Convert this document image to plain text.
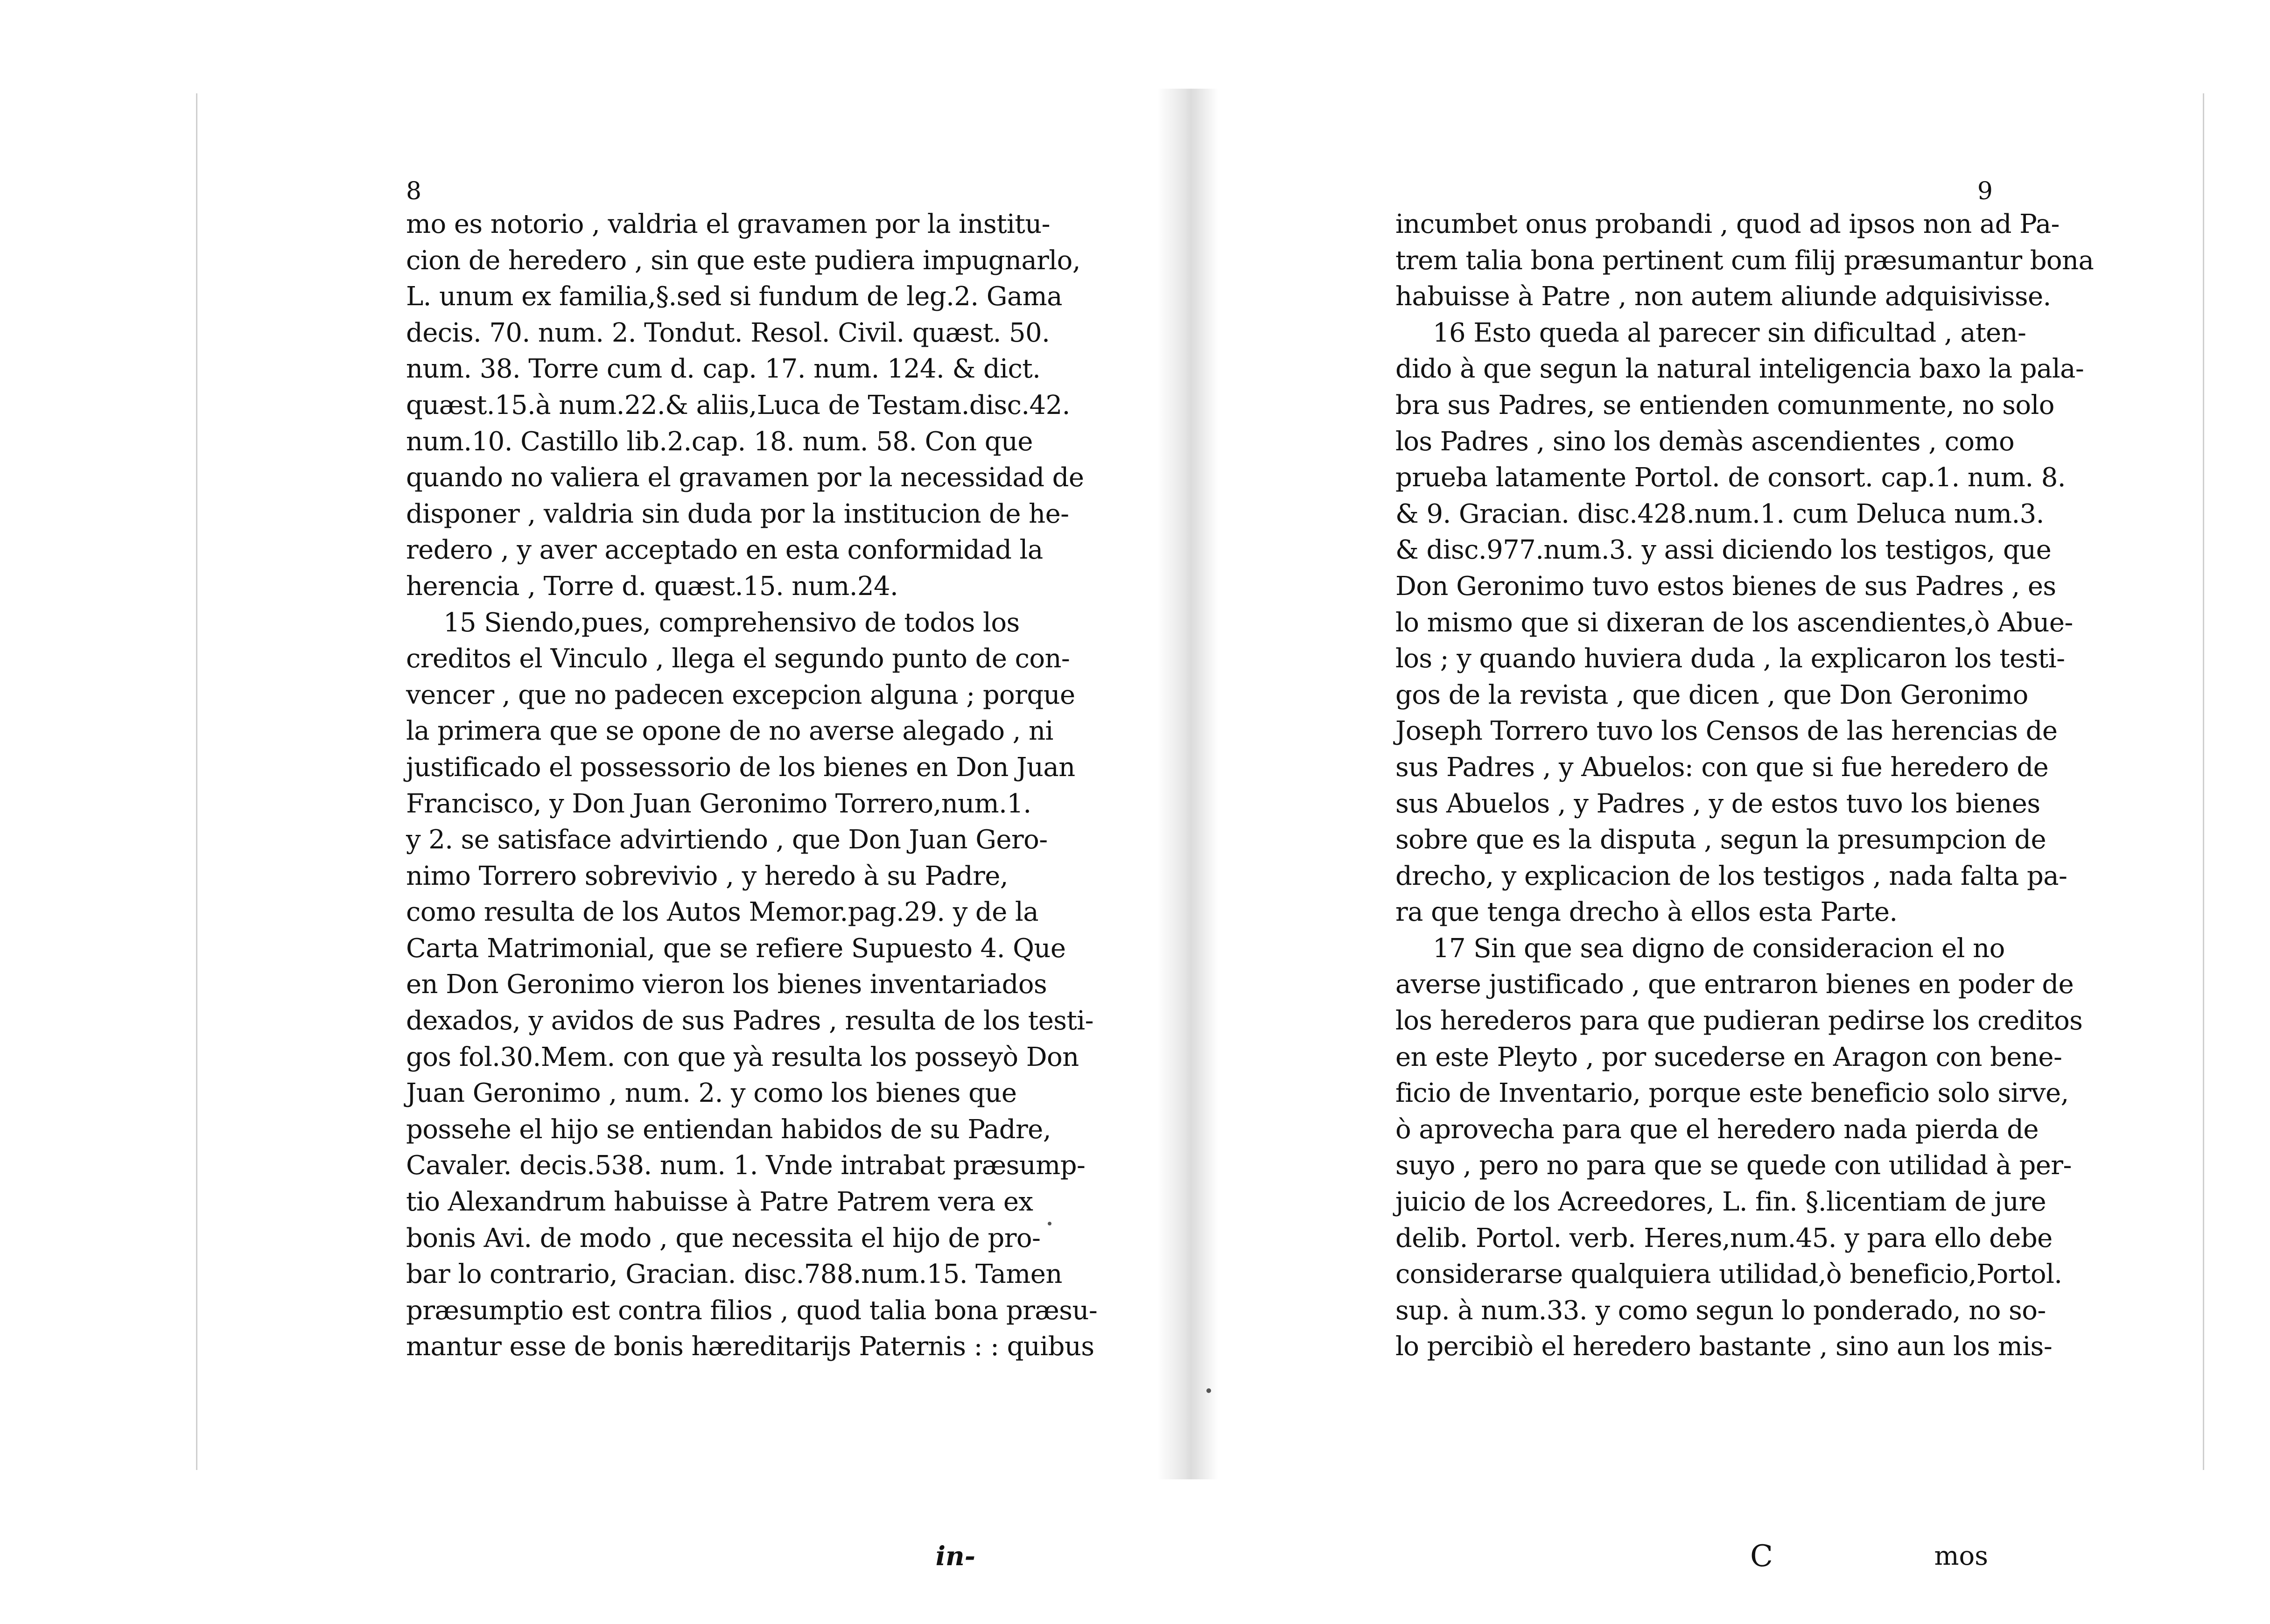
8
mo es notorio , valdria el gravamen por la institu-
cion de heredero , sin que este pudiera impugnarlo,
L. unum ex familia,§.sed si fundum de leg.2. Gama
decis. 70. num. 2. Tondut. Resol. Civil. quæst. 50.
num. 38. Torre cum d. cap. 17. num. 124. & dict.
quæst.15.à num.22.& aliis,Luca de Testam.disc.42.
num.10. Castillo lib.2.cap. 18. num. 58. Con que
quando no valiera el gravamen por la necessidad de
disponer , valdria sin duda por la institucion de he-
redero , y aver acceptado en esta conformidad la
herencia , Torre d. quæst.15. num.24.
15 Siendo,pues, comprehensivo de todos los
creditos el Vinculo , llega el segundo punto de con-
vencer , que no padecen excepcion alguna ; porque
la primera que se opone de no averse alegado , ni
justificado el possessorio de los bienes en Don Juan
Francisco, y Don Juan Geronimo Torrero,num.1.
y 2. se satisface advirtiendo , que Don Juan Gero-
nimo Torrero sobrevivio , y heredo à su Padre,
como resulta de los Autos Memor.pag.29. y de la
Carta Matrimonial, que se refiere Supuesto 4. Que
en Don Geronimo vieron los bienes inventariados
dexados, y avidos de sus Padres , resulta de los testi-
gos fol.30.Mem. con que yà resulta los posseyò Don
Juan Geronimo , num. 2. y como los bienes que
possehe el hijo se entiendan habidos de su Padre,
Cavaler. decis.538. num. 1. Vnde intrabat præsump-
tio Alexandrum habuisse à Patre Patrem vera ex
bonis Avi. de modo , que necessita el hijo de pro-
bar lo contrario, Gracian. disc.788.num.15. Tamen
præsumptio est contra filios , quod talia bona præsu-
mantur esse de bonis hæreditarijs Paternis : : quibus
in-
9
incumbet onus probandi , quod ad ipsos non ad Pa-
trem talia bona pertinent cum filij præsumantur bona
habuisse à Patre , non autem aliunde adquisivisse.
16 Esto queda al parecer sin dificultad , aten-
dido à que segun la natural inteligencia baxo la pala-
bra sus Padres, se entienden comunmente, no solo
los Padres , sino los demàs ascendientes , como
prueba latamente Portol. de consort. cap.1. num. 8.
& 9. Gracian. disc.428.num.1. cum Deluca num.3.
& disc.977.num.3. y assi diciendo los testigos, que
Don Geronimo tuvo estos bienes de sus Padres , es
lo mismo que si dixeran de los ascendientes,ò Abue-
los ; y quando huviera duda , la explicaron los testi-
gos de la revista , que dicen , que Don Geronimo
Joseph Torrero tuvo los Censos de las herencias de
sus Padres , y Abuelos: con que si fue heredero de
sus Abuelos , y Padres , y de estos tuvo los bienes
sobre que es la disputa , segun la presumpcion de
drecho, y explicacion de los testigos , nada falta pa-
ra que tenga drecho à ellos esta Parte.
17 Sin que sea digno de consideracion el no
averse justificado , que entraron bienes en poder de
los herederos para que pudieran pedirse los creditos
en este Pleyto , por sucederse en Aragon con bene-
ficio de Inventario, porque este beneficio solo sirve,
ò aprovecha para que el heredero nada pierda de
suyo , pero no para que se quede con utilidad à per-
juicio de los Acreedores, L. fin. §.licentiam de jure
delib. Portol. verb. Heres,num.45. y para ello debe
considerarse qualquiera utilidad,ò beneficio,Portol.
sup. à num.33. y como segun lo ponderado, no so-
lo percibiò el heredero bastante , sino aun los mis-
C	mos
